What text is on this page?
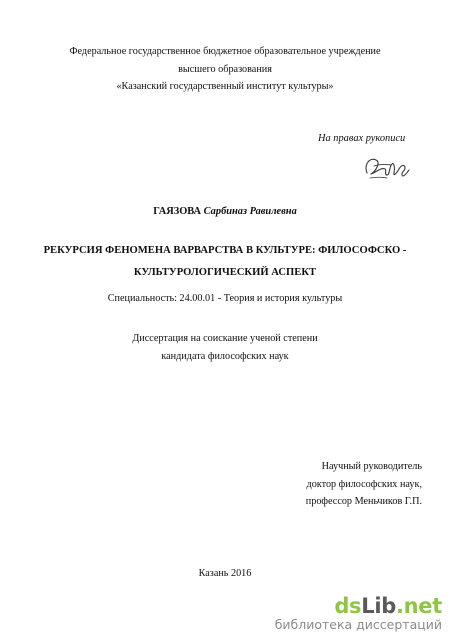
Федеральное государственное бюджетное образовательное учреждение
высшего образования
«Казанский государственный институт культуры»
На правах рукописи
ГАЯЗОВА Сарбиназ Равилевна
РЕКУРСИЯ ФЕНОМЕНА ВАРВАРСТВА В КУЛЬТУРЕ: ФИЛОСОФСКО -
КУЛЬТУРОЛОГИЧЕСКИЙ АСПЕКТ
Специальность: 24.00.01 - Теория и история культуры
Диссертация на соискание ученой степени
кандидата философских наук
Научный руководитель
доктор философских наук,
профессор Меньчиков Г.П.
Казань 2016
dsLib.net
библиотека диссертаций
